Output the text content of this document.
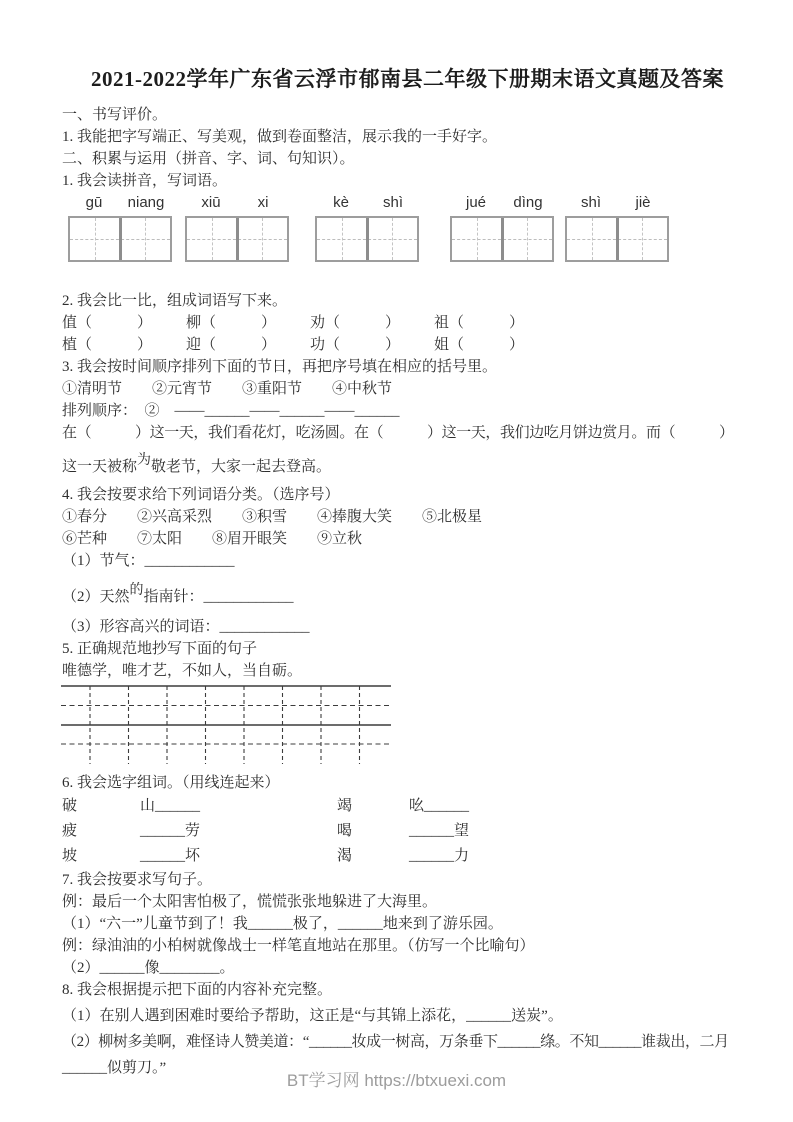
2021-2022学年广东省云浮市郁南县二年级下册期末语文真题及答案
一、书写评价。
1. 我能把字写端正、写美观，做到卷面整洁，展示我的一手好字。
二、积累与运用（拼音、字、词、句知识）。
1. 我会读拼音，写词语。
gū	niang	xiū	xi	kè	shì	jué	dìng	shì	jiè
2. 我会比一比，组成词语写下来。
值（　　　）	柳（　　　）	劝（　　　）	祖（　　　）
植（　　　）	迎（　　　）	功（　　　）	姐（　　　）
3. 我会按时间顺序排列下面的节日，再把序号填在相应的括号里。
①清明节　　②元宵节　　③重阳节　　④中秋节
排列顺序：　②　——______——______——______
在（　　　）这一天，我们看花灯，吃汤圆。在（　　　）这一天，我们边吃月饼边赏月。而（　　　）
这一天被称为敬老节，大家一起去登高。
4. 我会按要求给下列词语分类。（选序号）
①春分　　②兴高采烈　　③积雪　　④捧腹大笑　　⑤北极星
⑥芒种　　⑦太阳　　⑧眉开眼笑　　⑨立秋
（1）节气：____________
（2）天然的指南针：____________
（3）形容高兴的词语：____________
5. 正确规范地抄写下面的句子
唯德学，唯才艺，不如人，当自砺。
6. 我会选字组词。（用线连起来）
破	山______	竭	吆______
疲	______劳	喝	______望
坡	______坏	渴	______力
7. 我会按要求写句子。
例：最后一个太阳害怕极了，慌慌张张地躲进了大海里。
（1）“六一”儿童节到了！我______极了，______地来到了游乐园。
例：绿油油的小柏树就像战士一样笔直地站在那里。（仿写一个比喻句）
（2）______像________。
8. 我会根据提示把下面的内容补充完整。
（1）在别人遇到困难时要给予帮助，这正是“与其锦上添花，______送炭”。
（2）柳树多美啊，难怪诗人赞美道：“______妆成一树高，万条垂下______绦。不知______谁裁出，二月
______似剪刀。”
BT学习网 https://btxuexi.com
